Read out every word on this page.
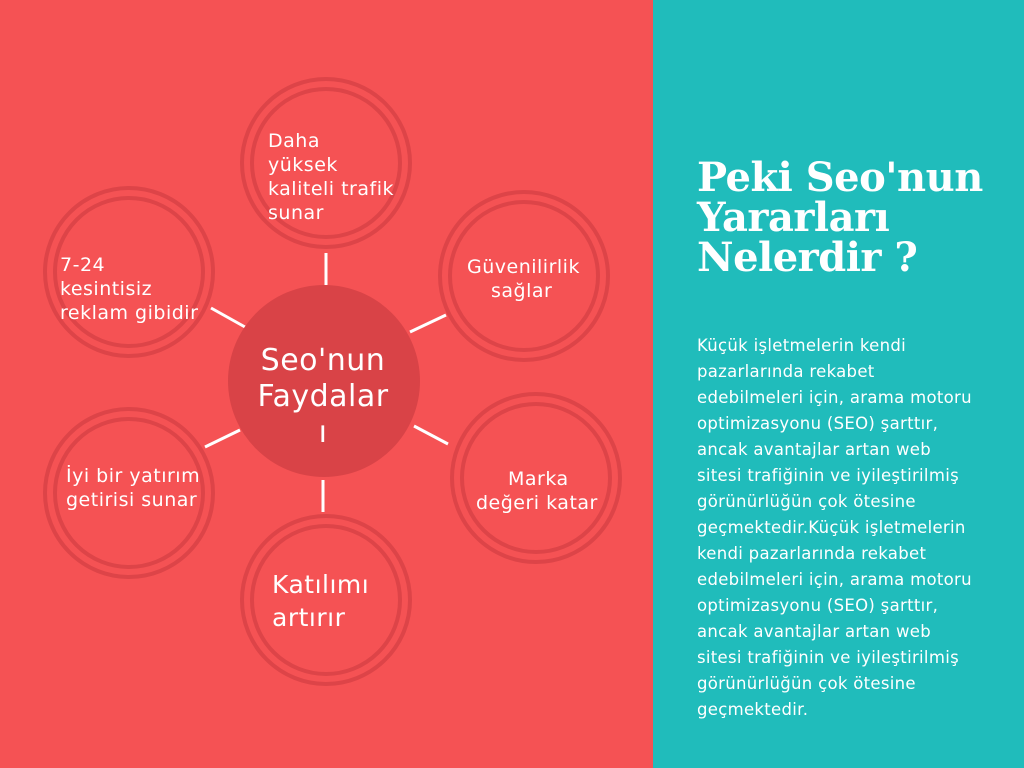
Seo'nun
Faydalar
ı
Daha
yüksek
kaliteli trafik
sunar
Güvenilirlik
sağlar
Marka
değeri katar
Katılımı
artırır
İyi bir yatırım
getirisi sunar
7-24
kesintisiz
reklam gibidir
Peki Seo'nun
Yararları
Nelerdir ?
Küçük işletmelerin kendi
pazarlarında rekabet
edebilmeleri için, arama motoru
optimizasyonu (SEO) şarttır,
ancak avantajlar artan web
sitesi trafiğinin ve iyileştirilmiş
görünürlüğün çok ötesine
geçmektedir.Küçük işletmelerin
kendi pazarlarında rekabet
edebilmeleri için, arama motoru
optimizasyonu (SEO) şarttır,
ancak avantajlar artan web
sitesi trafiğinin ve iyileştirilmiş
görünürlüğün çok ötesine
geçmektedir.
